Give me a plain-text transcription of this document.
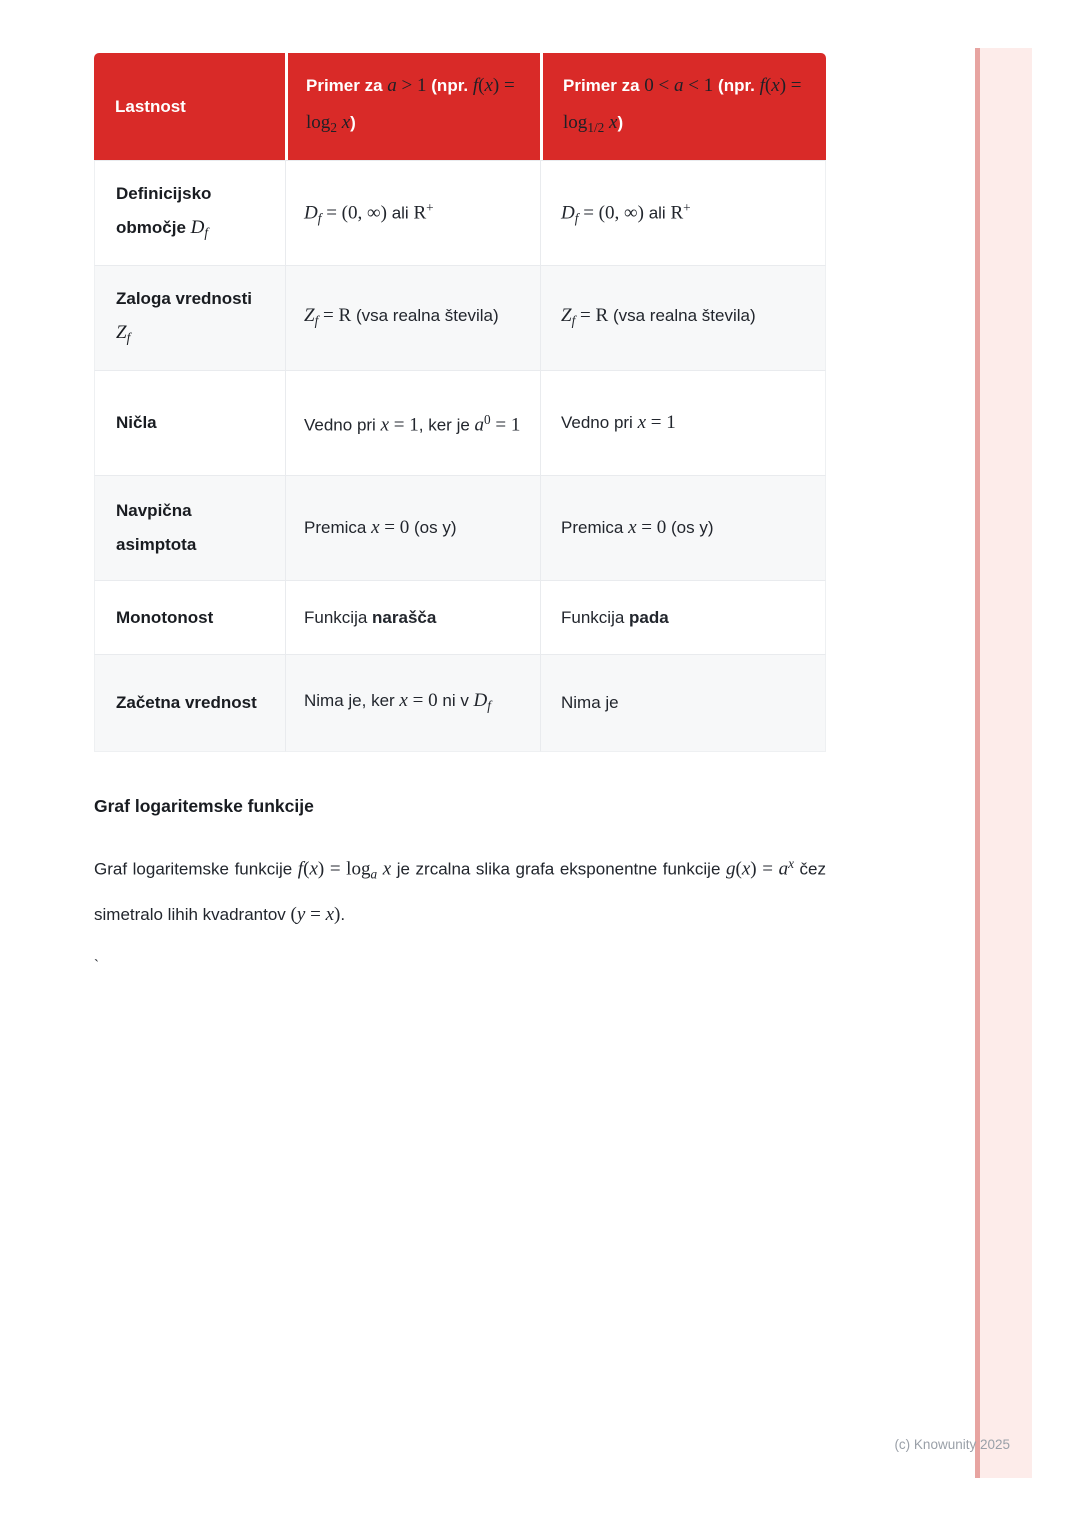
Lastnost	Primer za a > 1 (npr. $f(x) = \log_2 x$)	Primer za 0 < a < 1 (npr. $f(x) = \log_{1/2} x$)
Definicijsko območje $D_f$	$D_f = (0$, ∞) ali R+	$D_f = (0$, ∞) ali R+
Zaloga vrednosti $Z_f$	$Z_f = R$ (vsa realna števila)	$Z_f = R$ (vsa realna števila)
Ničla	Vedno pri x = 1, ker je $a^0 = 1$	Vedno pri x = 1
Navpična asimptota	Premica x = 0 (os y)	Premica x = 0 (os y)
Monotonost	Funkcija narašča	Funkcija pada
Začetna vrednost	Nima je, ker x = 0 ni v $D_f$	Nima je
Graf logaritemske funkcije

Graf logaritemske funkcije $f(x) = \log_a x$ je zrcalna slika grafa eksponentne funkcije $g(x) = a^x$ čez simetralo lihih kvadrantov (y = x).

`
(c) Knowunity 2025
